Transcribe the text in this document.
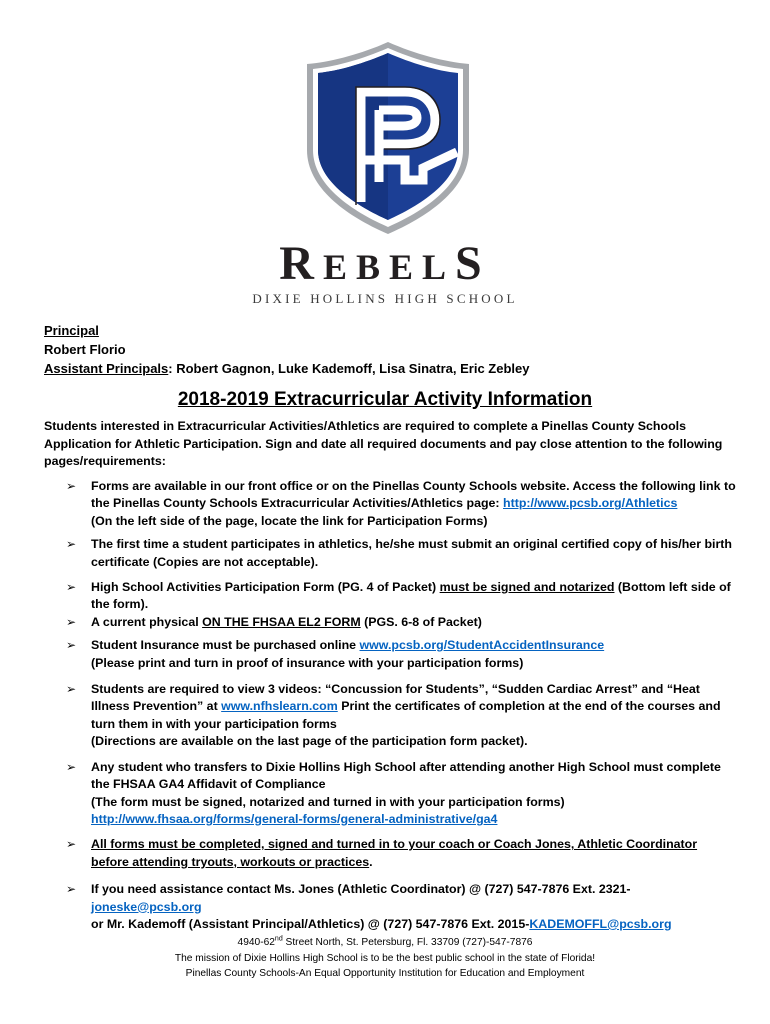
REBELS
DIXIE HOLLINS HIGH SCHOOL
Principal
Robert Florio
Assistant Principals: Robert Gagnon, Luke Kademoff, Lisa Sinatra, Eric Zebley
2018-2019 Extracurricular Activity Information
Students interested in Extracurricular Activities/Athletics are required to complete a Pinellas County Schools Application for Athletic Participation. Sign and date all required documents and pay close attention to the following pages/requirements:
➢ Forms are available in our front office or on the Pinellas County Schools website. Access the following link to the Pinellas County Schools Extracurricular Activities/Athletics page: http://www.pcsb.org/Athletics
(On the left side of the page, locate the link for Participation Forms)
➢ The first time a student participates in athletics, he/she must submit an original certified copy of his/her birth certificate (Copies are not acceptable).
➢ High School Activities Participation Form (PG. 4 of Packet) must be signed and notarized (Bottom left side of the form).
➢ A current physical ON THE FHSAA EL2 FORM (PGS. 6-8 of Packet)
➢ Student Insurance must be purchased online www.pcsb.org/StudentAccidentInsurance
(Please print and turn in proof of insurance with your participation forms)
➢ Students are required to view 3 videos: “Concussion for Students”, “Sudden Cardiac Arrest” and “Heat Illness Prevention” at www.nfhslearn.com Print the certificates of completion at the end of the courses and turn them in with your participation forms
(Directions are available on the last page of the participation form packet).
➢ Any student who transfers to Dixie Hollins High School after attending another High School must complete the FHSAA GA4 Affidavit of Compliance
(The form must be signed, notarized and turned in with your participation forms)
http://www.fhsaa.org/forms/general-forms/general-administrative/ga4
➢ All forms must be completed, signed and turned in to your coach or Coach Jones, Athletic Coordinator before attending tryouts, workouts or practices.
➢ If you need assistance contact Ms. Jones (Athletic Coordinator) @ (727) 547-7876 Ext. 2321-joneske@pcsb.org
or Mr. Kademoff (Assistant Principal/Athletics) @ (727) 547-7876 Ext. 2015-KADEMOFFL@pcsb.org
4940-62nd Street North, St. Petersburg, Fl. 33709 (727)-547-7876
The mission of Dixie Hollins High School is to be the best public school in the state of Florida!
Pinellas County Schools-An Equal Opportunity Institution for Education and Employment
